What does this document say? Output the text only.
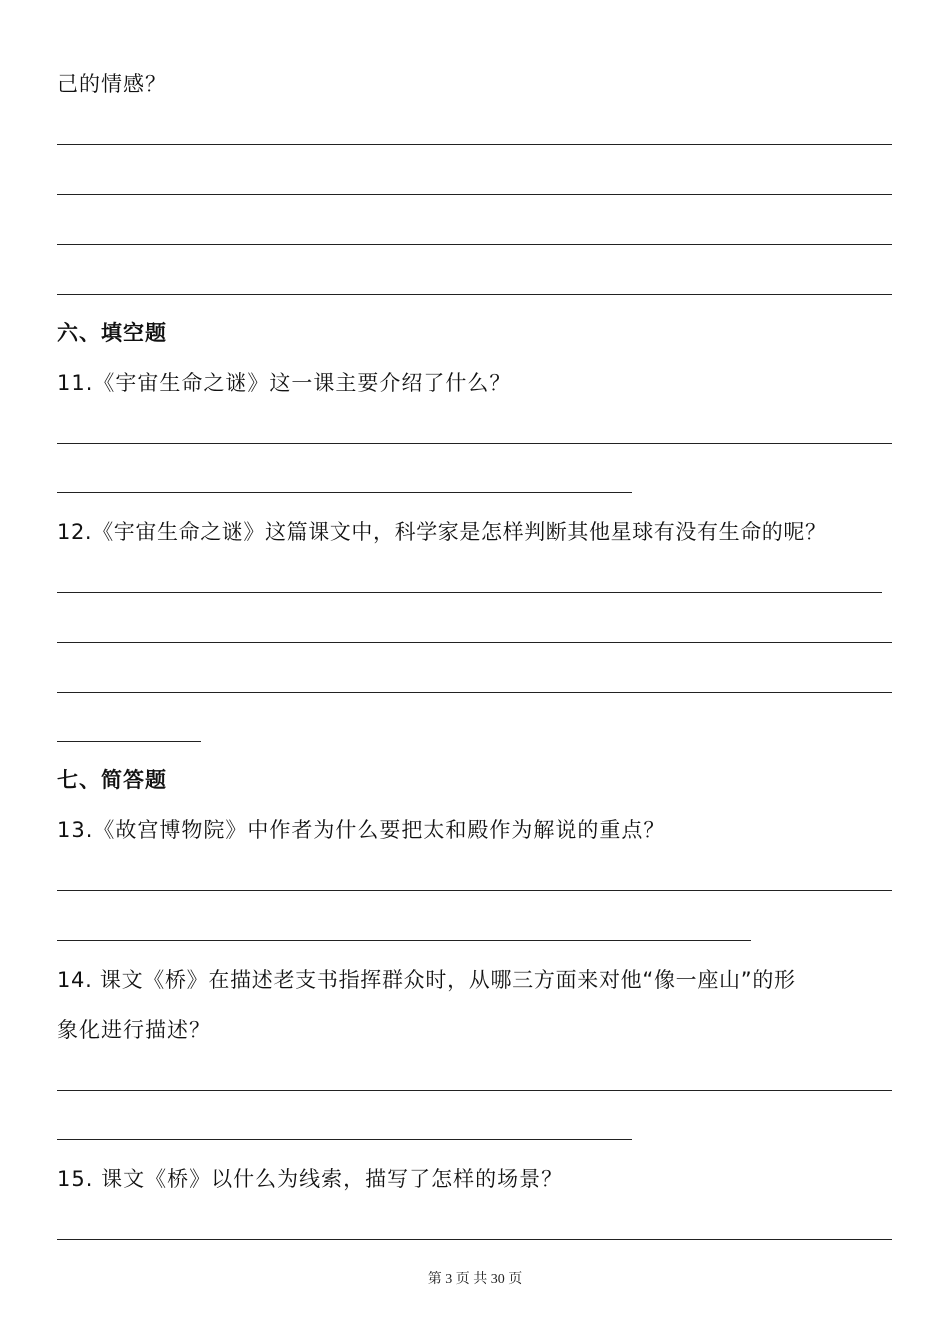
己的情感？
六、填空题
11.《宇宙生命之谜》这一课主要介绍了什么？
12.《宇宙生命之谜》这篇课文中，科学家是怎样判断其他星球有没有生命的呢？
七、简答题
13.《故宫博物院》中作者为什么要把太和殿作为解说的重点？
14. 课文《桥》在描述老支书指挥群众时，从哪三方面来对他“像一座山”的形
象化进行描述？
15. 课文《桥》以什么为线索，描写了怎样的场景？
第 3 页 共 30 页
